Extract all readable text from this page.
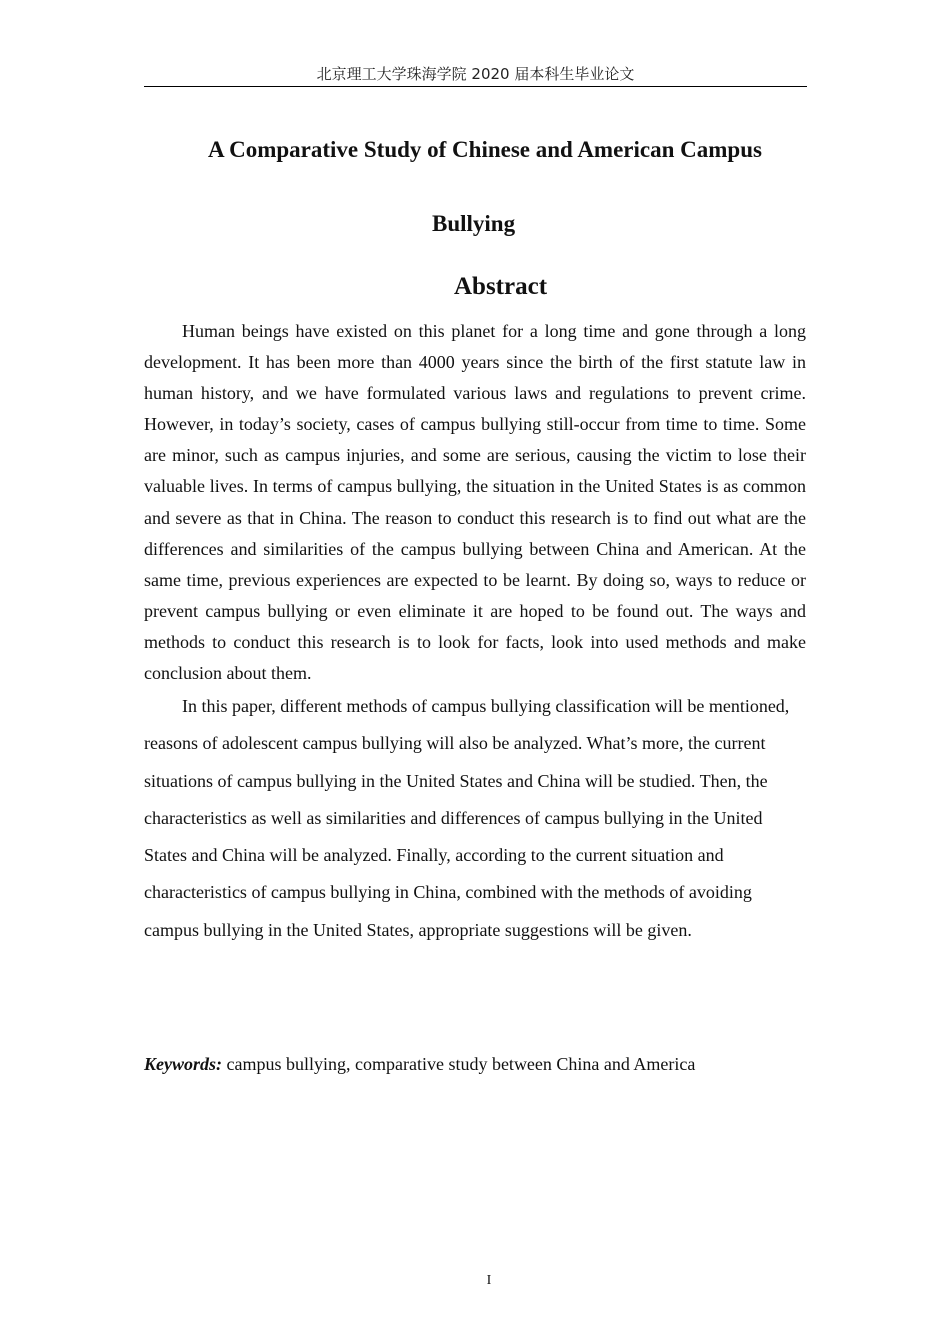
北京理工大学珠海学院 2020 届本科生毕业论文
A Comparative Study of Chinese and American Campus
Bullying
Abstract

Human beings have existed on this planet for a long time and gone through a long development. It has been more than 4000 years since the birth of the first statute law in human history, and we have formulated various laws and regulations to prevent crime. However, in today’s society, cases of campus bullying still-occur from time to time. Some are minor, such as campus injuries, and some are serious, causing the victim to lose their valuable lives. In terms of campus bullying, the situation in the United States is as common and severe as that in China. The reason to conduct this research is to find out what are the differences and similarities of the campus bullying between China and American. At the same time, previous experiences are expected to be learnt. By doing so, ways to reduce or prevent campus bullying or even eliminate it are hoped to be found out. The ways and methods to conduct this research is to look for facts, look into used methods and make conclusion about them.

In this paper, different methods of campus bullying classification will be mentioned, reasons of adolescent campus bullying will also be analyzed. What’s more, the current situations of campus bullying in the United States and China will be studied. Then, the characteristics as well as similarities and differences of campus bullying in the United States and China will be analyzed. Finally, according to the current situation and characteristics of campus bullying in China, combined with the methods of avoiding campus bullying in the United States, appropriate suggestions will be given.

Keywords: campus bullying, comparative study between China and America
I
